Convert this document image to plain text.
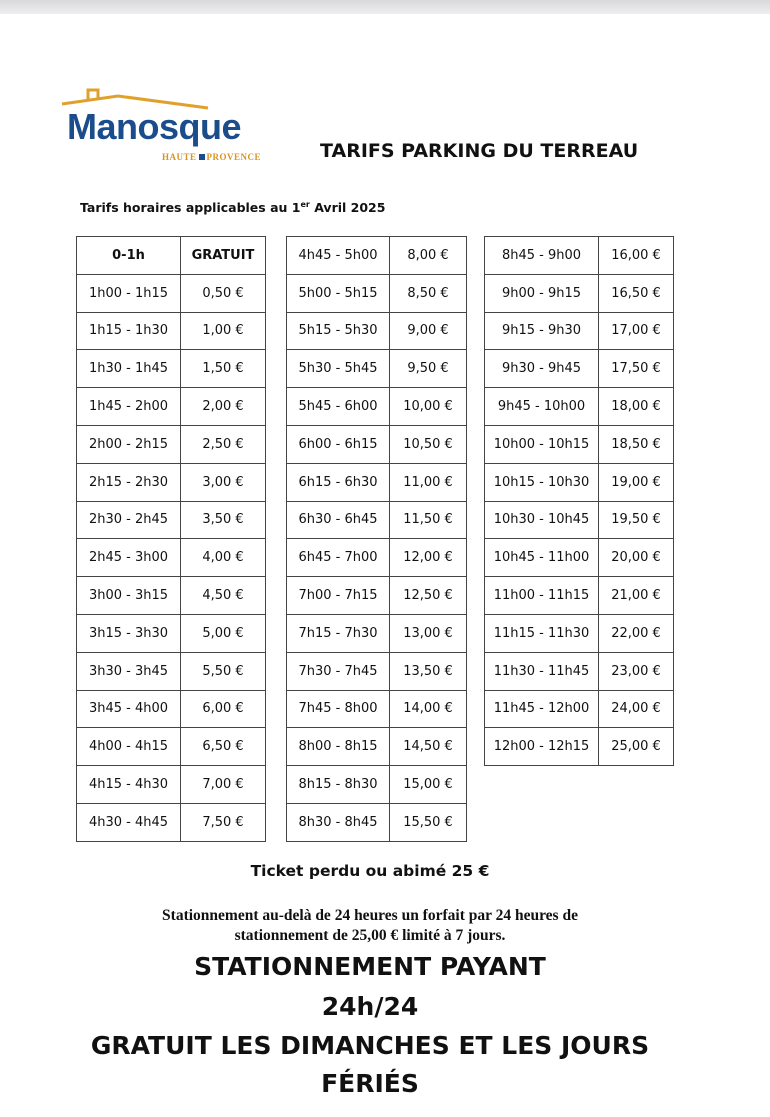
Manosque
HAUTE PROVENCE	TARIFS PARKING DU TERREAU
Tarifs horaires applicables au 1er Avril 2025
0-1h	GRATUIT
1h00 - 1h15	0,50 €
1h15 - 1h30	1,00 €
1h30 - 1h45	1,50 €
1h45 - 2h00	2,00 €
2h00 - 2h15	2,50 €
2h15 - 2h30	3,00 €
2h30 - 2h45	3,50 €
2h45 - 3h00	4,00 €
3h00 - 3h15	4,50 €
3h15 - 3h30	5,00 €
3h30 - 3h45	5,50 €
3h45 - 4h00	6,00 €
4h00 - 4h15	6,50 €
4h15 - 4h30	7,00 €
4h30 - 4h45	7,50 €
4h45 - 5h00	8,00 €
5h00 - 5h15	8,50 €
5h15 - 5h30	9,00 €
5h30 - 5h45	9,50 €
5h45 - 6h00	10,00 €
6h00 - 6h15	10,50 €
6h15 - 6h30	11,00 €
6h30 - 6h45	11,50 €
6h45 - 7h00	12,00 €
7h00 - 7h15	12,50 €
7h15 - 7h30	13,00 €
7h30 - 7h45	13,50 €
7h45 - 8h00	14,00 €
8h00 - 8h15	14,50 €
8h15 - 8h30	15,00 €
8h30 - 8h45	15,50 €
8h45 - 9h00	16,00 €
9h00 - 9h15	16,50 €
9h15 - 9h30	17,00 €
9h30 - 9h45	17,50 €
9h45 - 10h00	18,00 €
10h00 - 10h15	18,50 €
10h15 - 10h30	19,00 €
10h30 - 10h45	19,50 €
10h45 - 11h00	20,00 €
11h00 - 11h15	21,00 €
11h15 - 11h30	22,00 €
11h30 - 11h45	23,00 €
11h45 - 12h00	24,00 €
12h00 - 12h15	25,00 €
Ticket perdu ou abimé 25 €
Stationnement au-delà de 24 heures un forfait par 24 heures de
stationnement de 25,00 € limité à 7 jours.
STATIONNEMENT PAYANT
24h/24
GRATUIT LES DIMANCHES ET LES JOURS
FÉRIÉS
